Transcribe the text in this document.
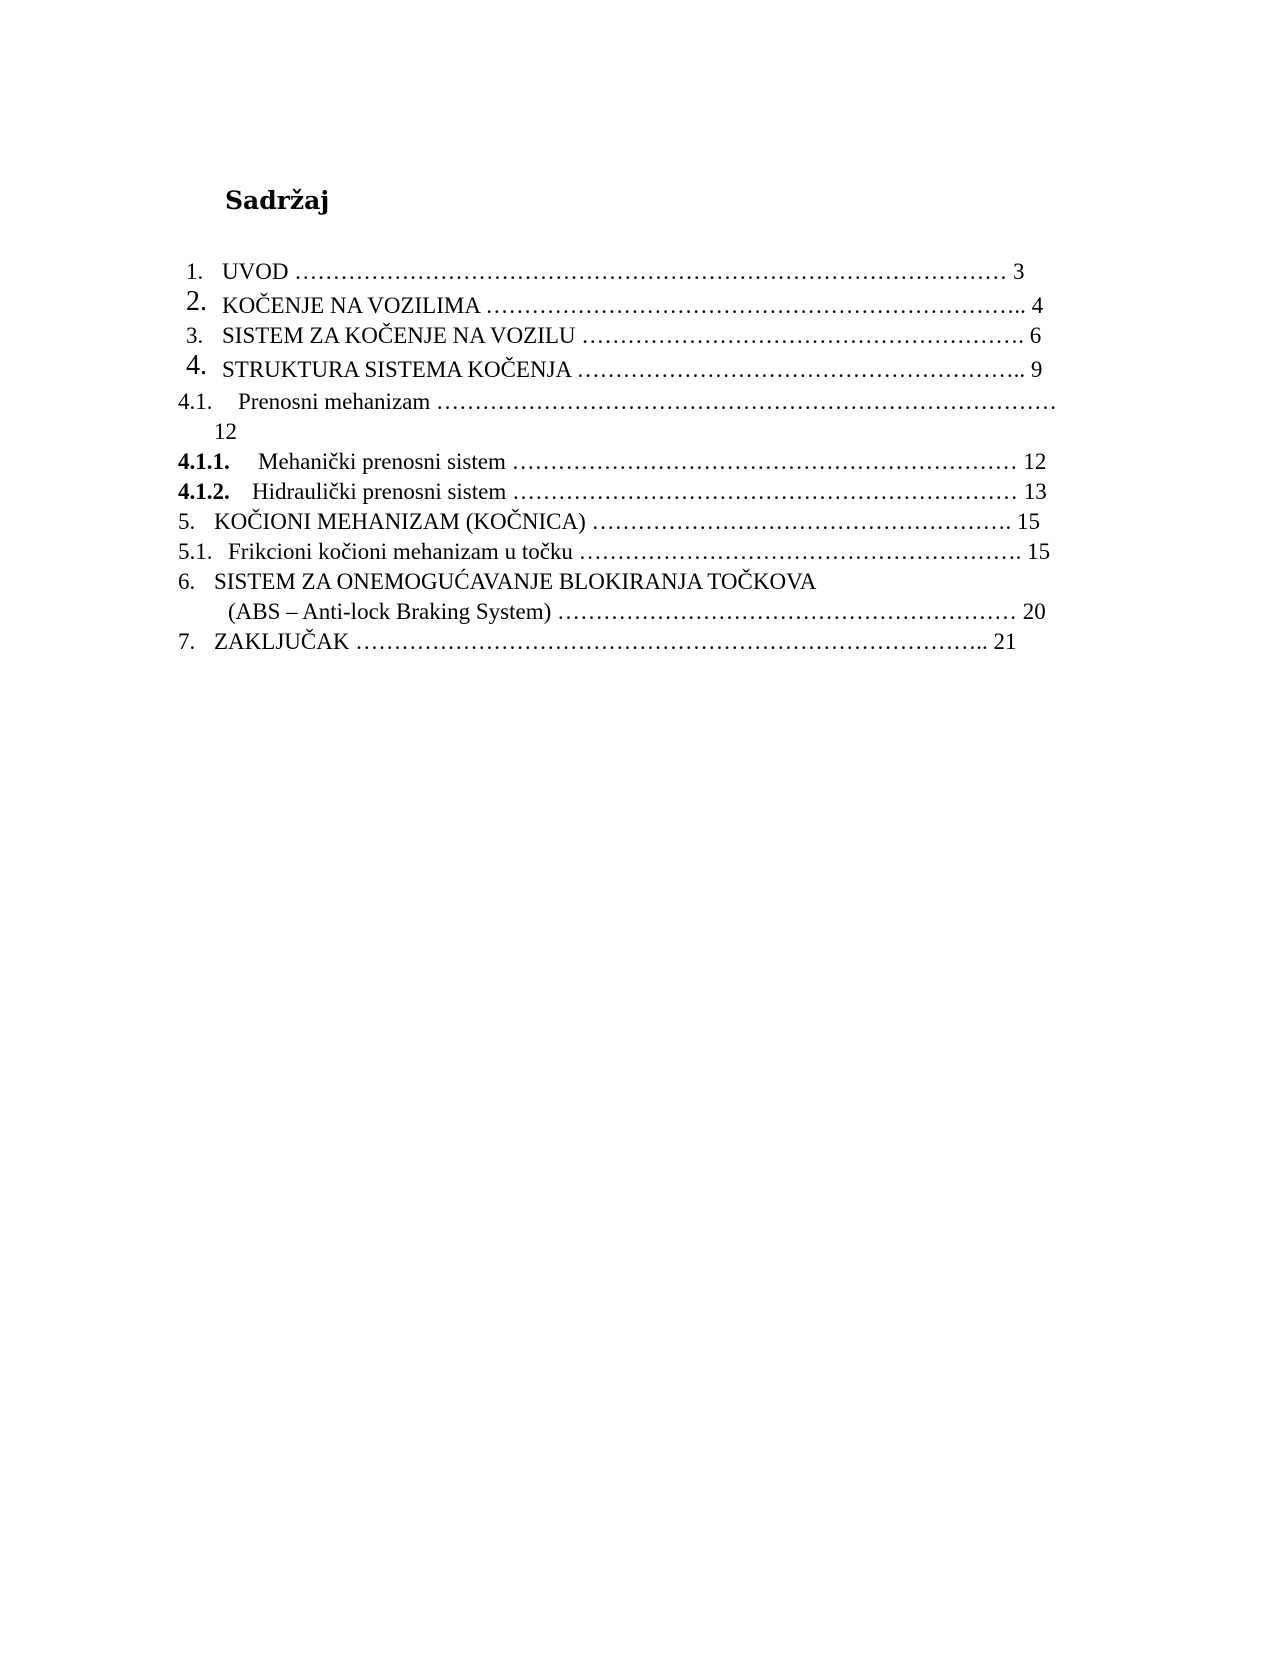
Sadržaj
1. UVOD ………………………………………………………………………………… 3
2. KOČENJE NA VOZILIMA …………………………………………………………….. 4
3. SISTEM ZA KOČENJE NA VOZILU …………………………………………………. 6
4. STRUKTURA SISTEMA KOČENJA ………………………………………………….. 9
4.1. Prenosni mehanizam ………………………………………………………………………
12
4.1.1. Mehanički prenosni sistem ………………………………………………………… 12
4.1.2. Hidraulički prenosni sistem ………………………………………………………… 13
5. KOČIONI MEHANIZAM (KOČNICA) ………………………………………………. 15
5.1. Frikcioni kočioni mehanizam u točku …………………………………………………. 15
6. SISTEM ZA ONEMOGUĆAVANJE BLOKIRANJA TOČKOVA
(ABS – Anti-lock Braking System) …………………………………………………… 20
7. ZAKLJUČAK ……………………………………………………………………….. 21
